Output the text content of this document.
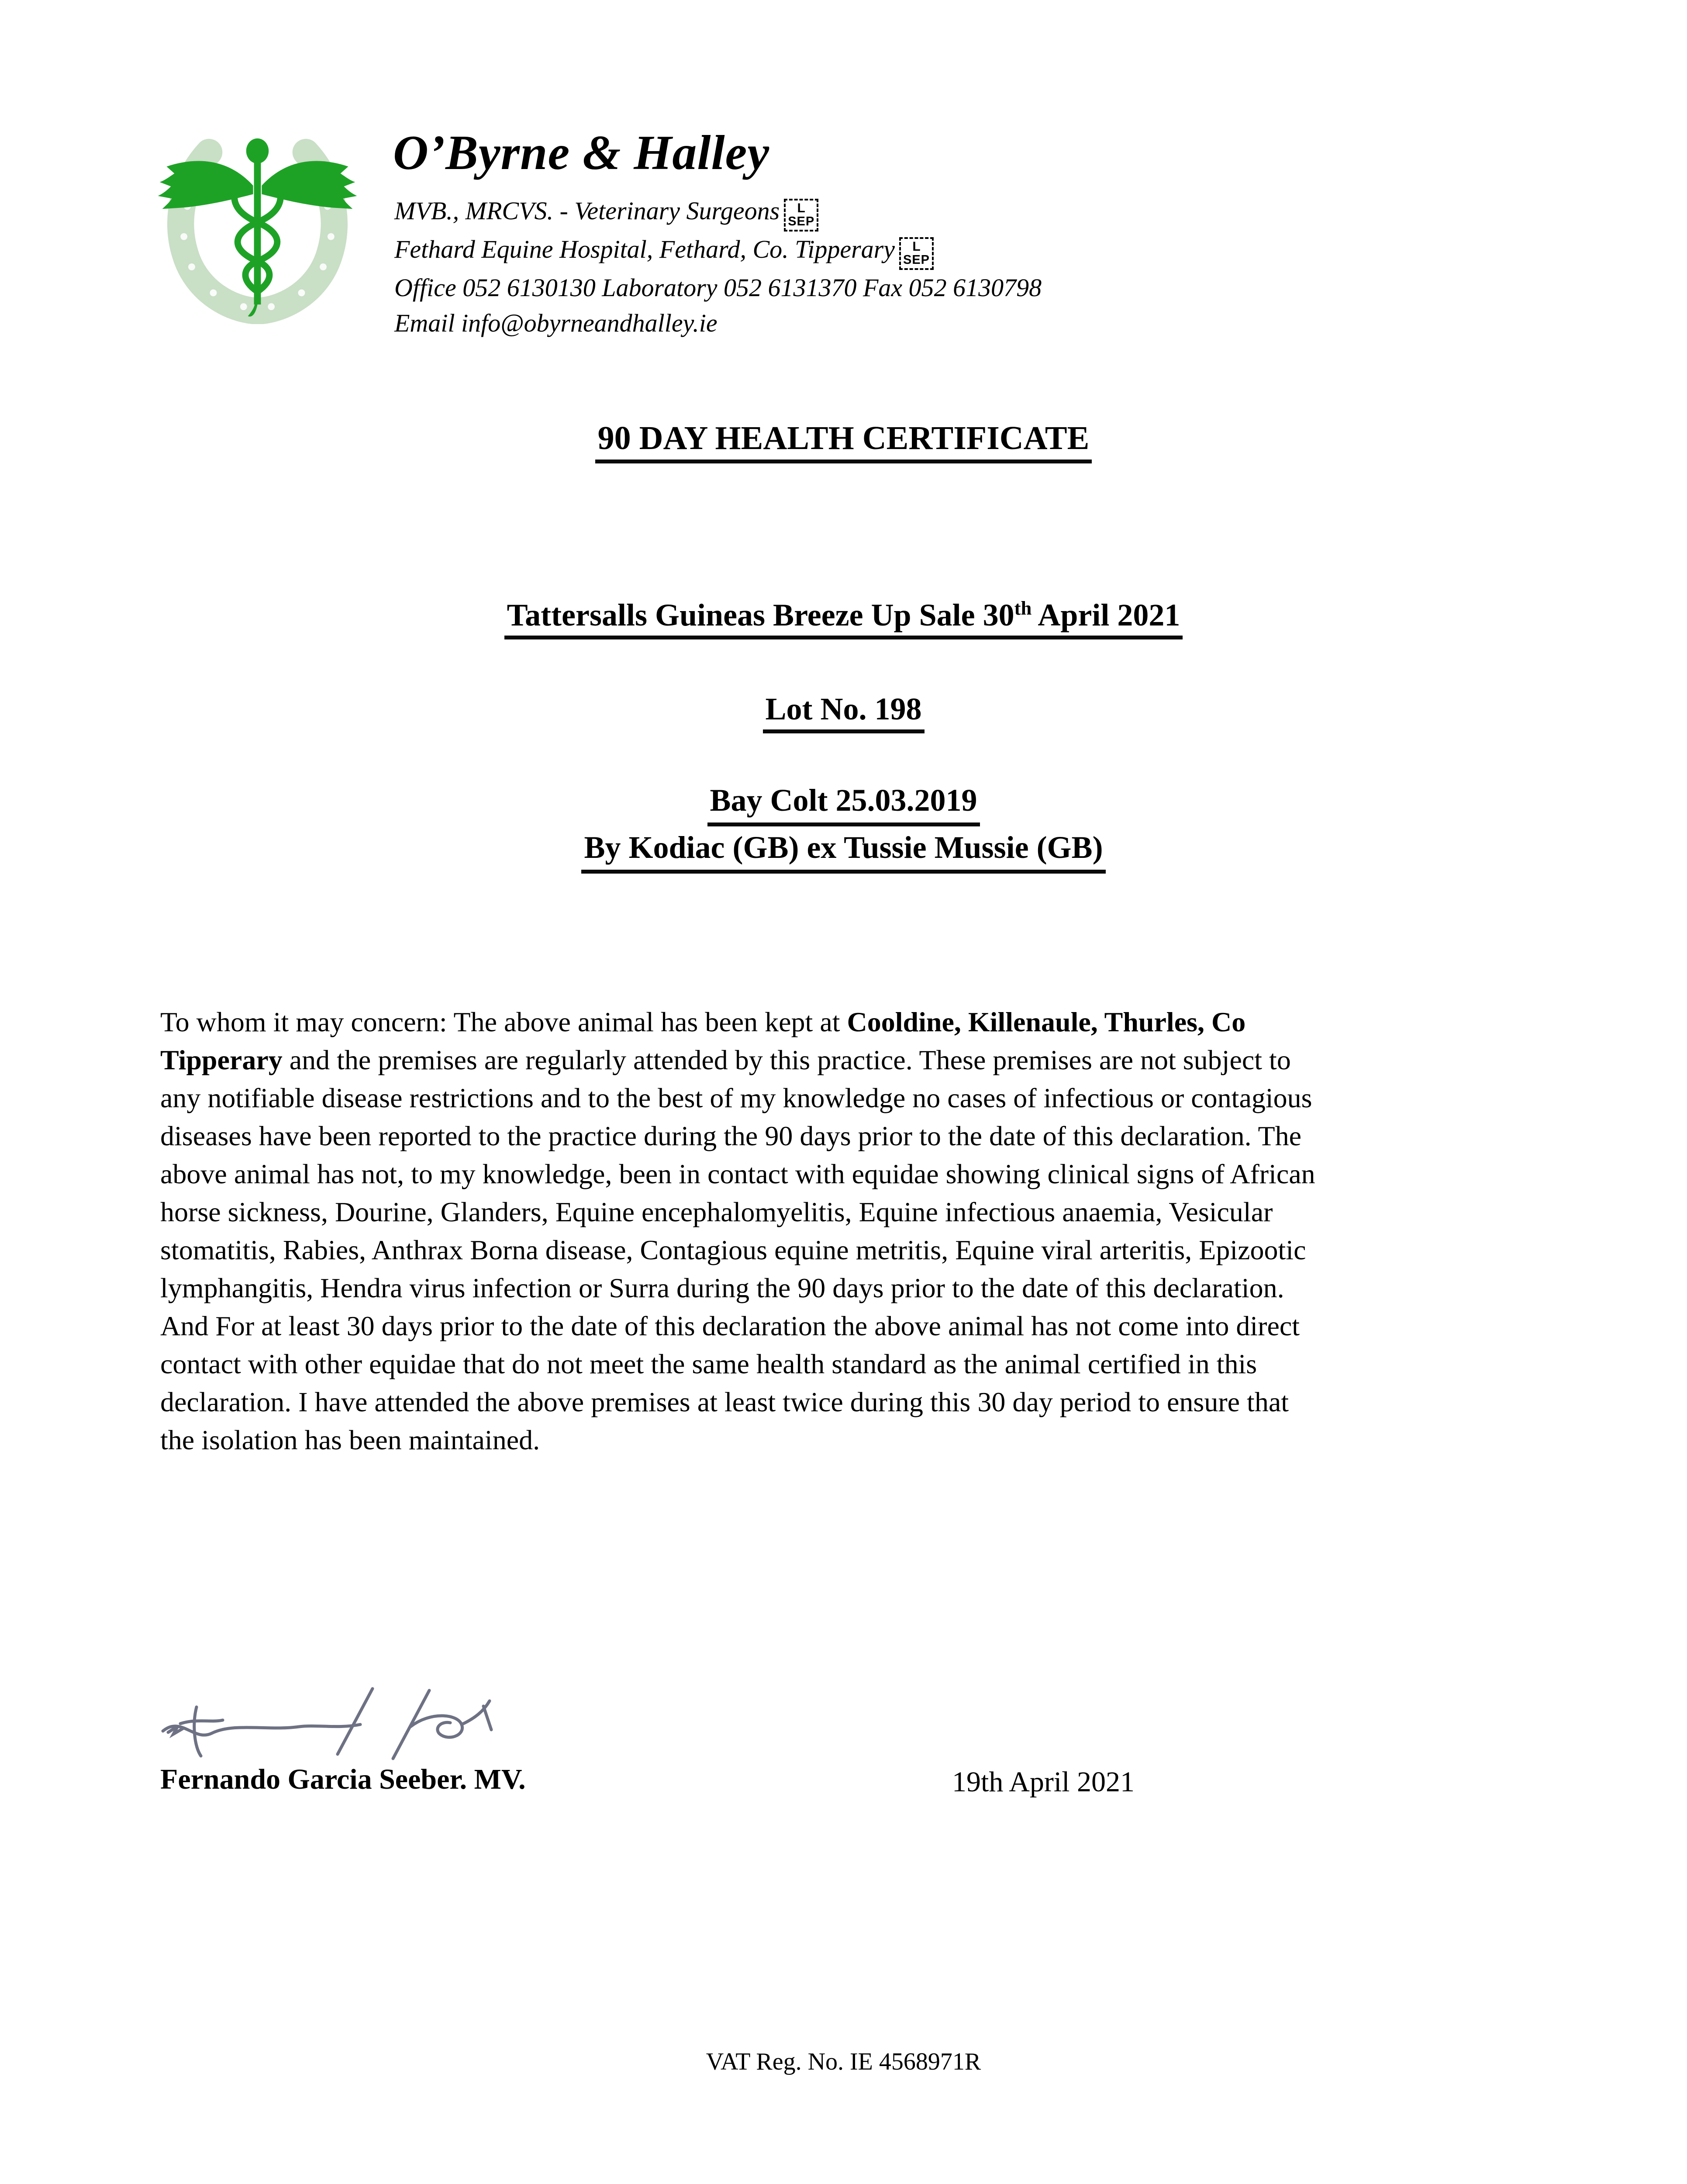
O’Byrne & Halley
MVB., MRCVS. - Veterinary Surgeons	L
SEP
Fethard Equine Hospital, Fethard, Co. Tipperary	L
SEP
Office 052 6130130 Laboratory 052 6131370 Fax 052 6130798
Email info@obyrneandhalley.ie
90 DAY HEALTH CERTIFICATE
Tattersalls Guineas Breeze Up Sale 30th April 2021
Lot No. 198
Bay Colt 25.03.2019
By Kodiac (GB) ex Tussie Mussie (GB)
To whom it may concern: The above animal has been kept at Cooldine, Killenaule, Thurles, Co
Tipperary and the premises are regularly attended by this practice. These premises are not subject to
any notifiable disease restrictions and to the best of my knowledge no cases of infectious or contagious
diseases have been reported to the practice during the 90 days prior to the date of this declaration. The
above animal has not, to my knowledge, been in contact with equidae showing clinical signs of African
horse sickness, Dourine, Glanders, Equine encephalomyelitis, Equine infectious anaemia, Vesicular
stomatitis, Rabies, Anthrax Borna disease, Contagious equine metritis, Equine viral arteritis, Epizootic
lymphangitis, Hendra virus infection or Surra during the 90 days prior to the date of this declaration.
And For at least 30 days prior to the date of this declaration the above animal has not come into direct
contact with other equidae that do not meet the same health standard as the animal certified in this
declaration. I have attended the above premises at least twice during this 30 day period to ensure that
the isolation has been maintained.
Fernando Garcia Seeber. MV.	19th April 2021
VAT Reg. No. IE 4568971R
